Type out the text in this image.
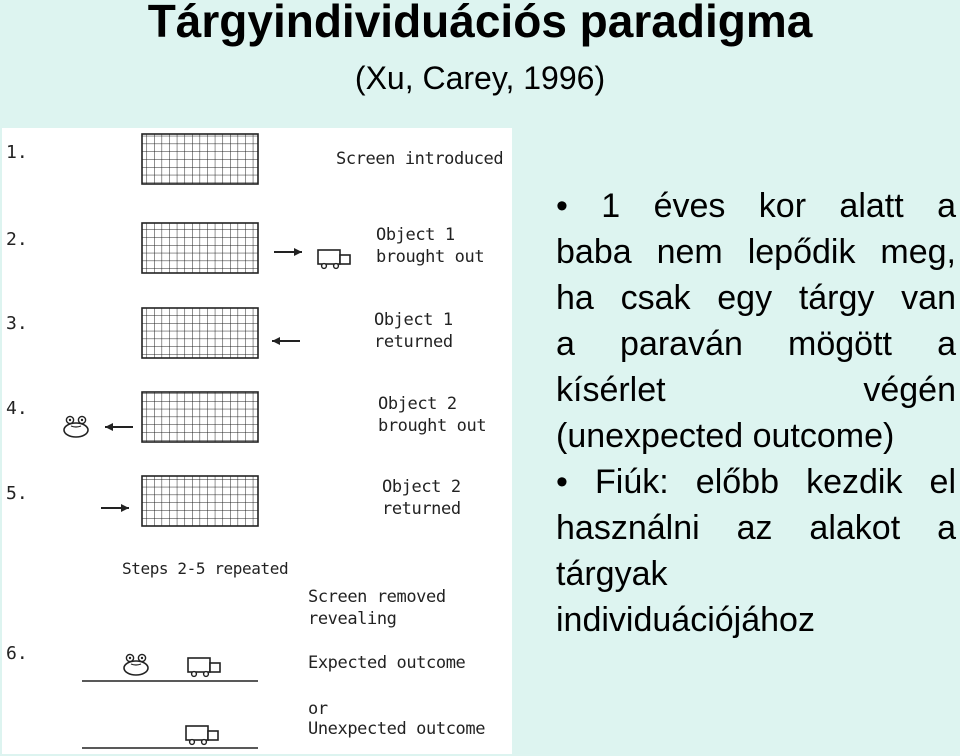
Tárgyindividuációs paradigma
(Xu, Carey, 1996)
1.
2.
3.
4.
5.
6.
Screen introduced
Object 1
brought out
Object 1
returned
Object 2
brought out
Object 2
returned
Steps 2-5 repeated
Screen removed
revealing
Expected outcome
or
Unexpected outcome
• 1 éves kor alatt a
baba nem lepődik meg,
ha csak egy tárgy van
a paraván mögött a
kísérlet végén
(unexpected outcome)
• Fiúk: előbb kezdik el
használni az alakot a
tárgyak
individuációjához
